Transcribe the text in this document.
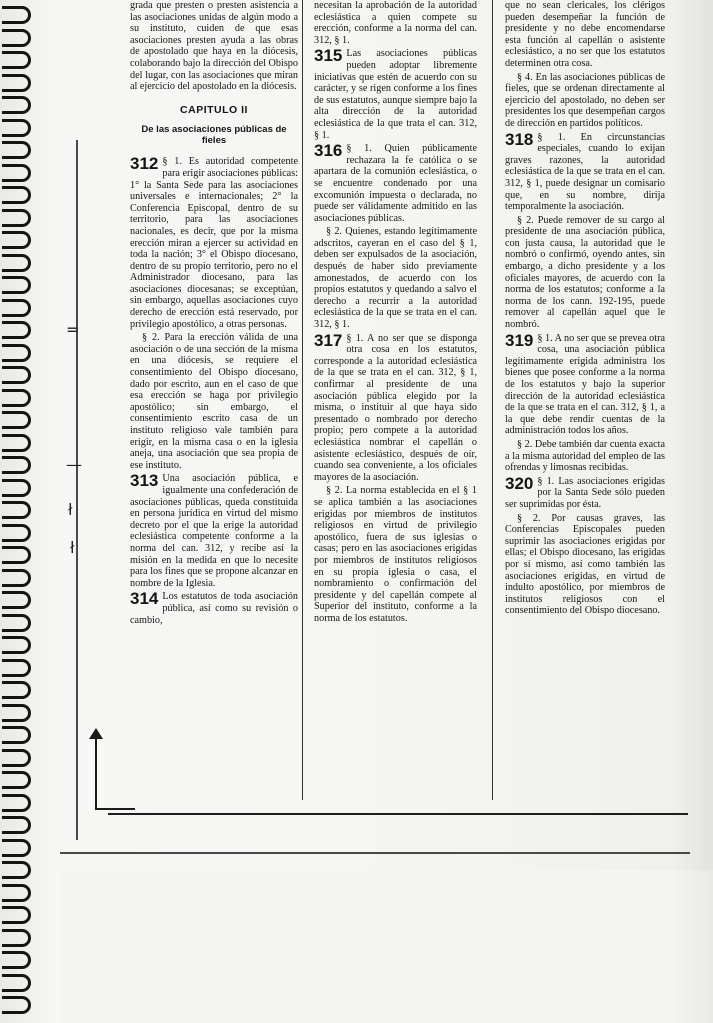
=
—
ł
ł

grada que presten o presten asistencia a las asociaciones unidas de algún modo a su instituto, cuiden de que esas asociaciones presten ayuda a las obras de apostolado que haya en la diócesis, colaborando bajo la dirección del Obispo del lugar, con las asociaciones que miran al ejercicio del apostolado en la diócesis.

CAPITULO II
De las asociaciones públicas de fieles

312 § 1. Es autoridad competente para erigir asociaciones públicas: 1° la Santa Sede para las asociaciones universales e internacionales; 2° la Conferencia Episcopal, dentro de su territorio, para las asociaciones nacionales, es decir, que por la misma erección miran a ejercer su actividad en toda la nación; 3° el Obispo diocesano, dentro de su propio territorio, pero no el Administrador diocesano, para las asociaciones diocesanas; se exceptúan, sin embargo, aquellas asociaciones cuyo derecho de erección está reservado, por privilegio apostólico, a otras personas.

§ 2. Para la erección válida de una asociación o de una sección de la misma en una diócesis, se requiere el consentimiento del Obispo diocesano, dado por escrito, aun en el caso de que esa erección se haga por privilegio apostólico; sin embargo, el consentimiento escrito casa de un instituto religioso vale también para erigir, en la misma casa o en la iglesia aneja, una asociación que sea propia de ese instituto.

313 Una asociación pública, e igualmente una confederación de asociaciones públicas, queda constituida en persona jurídica en virtud del mismo decreto por el que la erige la autoridad eclesiástica competente conforme a la norma del can. 312, y recibe así la misión en la medida en que lo necesite para los fines que se propone alcanzar en nombre de la Iglesia.

314 Los estatutos de toda asociación pública, así como su revisión o cambio,

necesitan la aprobación de la autoridad eclesiástica a quien compete su erección, conforme a la norma del can. 312, § 1.

315 Las asociaciones públicas pueden adoptar libremente iniciativas que estén de acuerdo con su carácter, y se rigen conforme a los fines de sus estatutos, aunque siempre bajo la alta dirección de la autoridad eclesiástica de la que trata el can. 312, § 1.

316 § 1. Quien públicamente rechazara la fe católica o se apartara de la comunión eclesiástica, o se encuentre condenado por una excomunión impuesta o declarada, no puede ser válidamente admitido en las asociaciones públicas.

§ 2. Quienes, estando legítimamente adscritos, cayeran en el caso del § 1, deben ser expulsados de la asociación, después de haber sido previamente amonestados, de acuerdo con los propios estatutos y quedando a salvo el derecho a recurrir a la autoridad eclesiástica de la que se trata en el can. 312, § 1.

317 § 1. A no ser que se disponga otra cosa en los estatutos, corresponde a la autoridad eclesiástica de la que se trata en el can. 312, § 1, confirmar al presidente de una asociación pública elegido por la misma, o instituir al que haya sido presentado o nombrado por derecho propio; pero compete a la autoridad eclesiástica nombrar el capellán o asistente eclesiástico, después de oír, cuando sea conveniente, a los oficiales mayores de la asociación.

§ 2. La norma establecida en el § 1 se aplica también a las asociaciones erigidas por miembros de institutos religiosos en virtud de privilegio apostólico, fuera de sus iglesias o casas; pero en las asociaciones erigidas por miembros de institutos religiosos en su propia iglesia o casa, el nombramiento o confirmación del presidente y del capellán compete al Superior del instituto, conforme a la norma de los estatutos.

que no sean clericales, los clérigos pueden desempeñar la función de presidente y no debe encomendarse esta función al capellán o asistente eclesiástico, a no ser que los estatutos determinen otra cosa.

§ 4. En las asociaciones públicas de fieles, que se ordenan directamente al ejercicio del apostolado, no deben ser presidentes los que desempeñan cargos de dirección en partidos políticos.

318 § 1. En circunstancias especiales, cuando lo exijan graves razones, la autoridad eclesiástica de la que se trata en el can. 312, § 1, puede designar un comisario que, en su nombre, dirija temporalmente la asociación.

§ 2. Puede remover de su cargo al presidente de una asociación pública, con justa causa, la autoridad que le nombró o confirmó, oyendo antes, sin embargo, a dicho presidente y a los oficiales mayores, de acuerdo con la norma de los estatutos; conforme a la norma de los cann. 192-195, puede remover al capellán aquel que le nombró.

319 § 1. A no ser que se prevea otra cosa, una asociación pública legítimamente erigida administra los bienes que posee conforme a la norma de los estatutos y bajo la superior dirección de la autoridad eclesiástica de la que se trata en el can. 312, § 1, a la que debe rendir cuentas de la administración todos los años.

§ 2. Debe también dar cuenta exacta a la misma autoridad del empleo de las ofrendas y limosnas recibidas.

320 § 1. Las asociaciones erigidas por la Santa Sede sólo pueden ser suprimidas por ésta.

§ 2. Por causas graves, las Conferencias Episcopales pueden suprimir las asociaciones erigidas por ellas; el Obispo diocesano, las erigidas por sí mismo, así como también las asociaciones erigidas, en virtud de indulto apostólico, por miembros de institutos religiosos con el consentimiento del Obispo diocesano.
